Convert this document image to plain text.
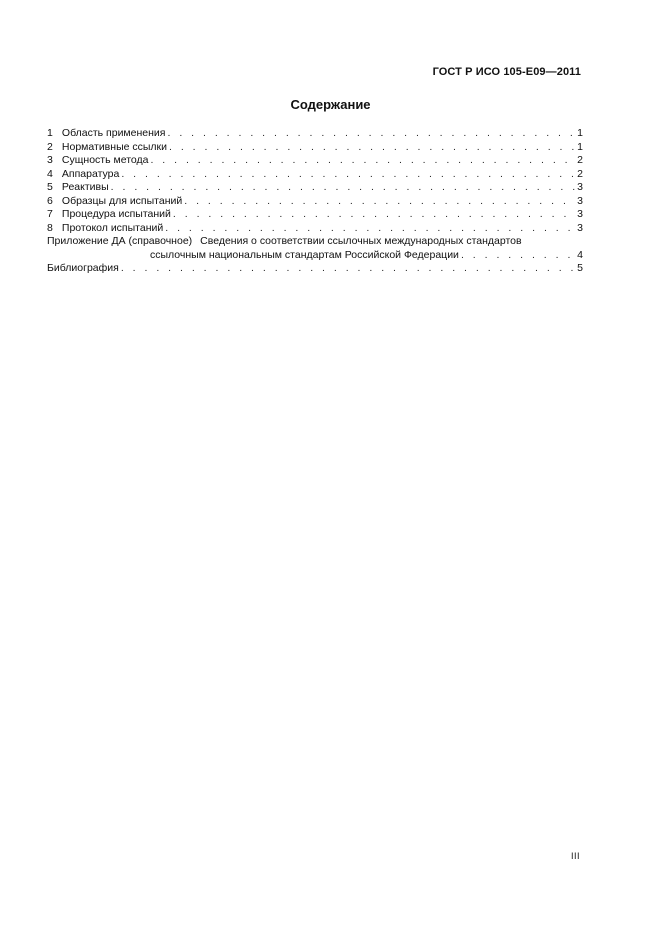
ГОСТ Р ИСО 105-E09—2011
Содержание
1 Область применения . . .	1
2 Нормативные ссылки . . .	1
3 Сущность метода . . .	2
4 Аппаратура . . .	2
5 Реактивы . . .	3
6 Образцы для испытаний . . .	3
7 Процедура испытаний . . .	3
8 Протокол испытаний . . .	3
Приложение ДА (справочное) Сведения о соответствии ссылочных международных стандартов
ссылочным национальным стандартам Российской Федерации . . .	4
Библиография . . .	5
III
